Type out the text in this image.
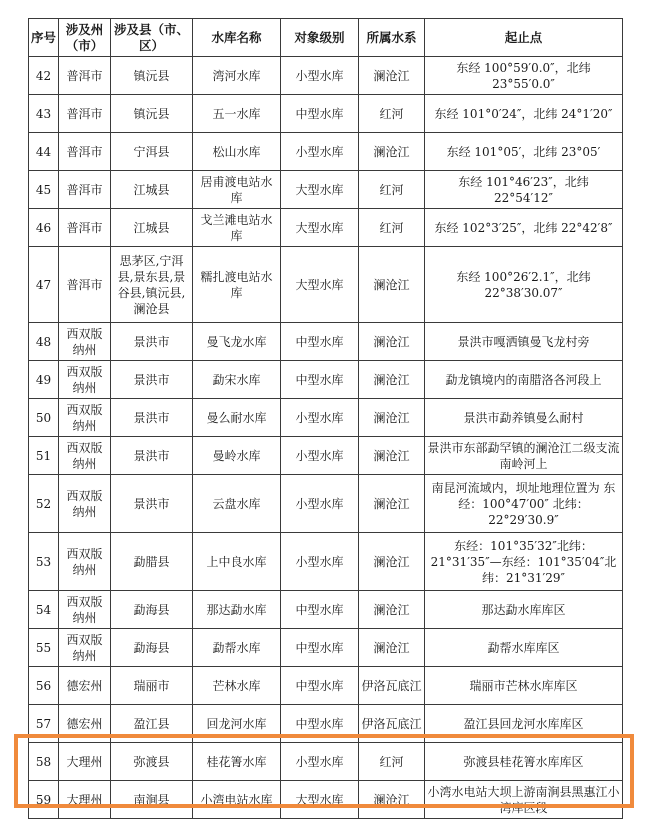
序号	涉及州（市）	涉及县（市、区）	水库名称	对象级别	所属水系	起止点
42	普洱市	镇沅县	湾河水库	小型水库	澜沧江	东经 100°59′0.0″，北纬 23°55′0.0″
43	普洱市	镇沅县	五一水库	中型水库	红河	东经 101°0′24″，北纬 24°1′20″
44	普洱市	宁洱县	松山水库	小型水库	澜沧江	东经 101°05′，北纬 23°05′
45	普洱市	江城县	居甫渡电站水库	大型水库	红河	东经 101°46′23″，北纬 22°54′12″
46	普洱市	江城县	戈兰滩电站水库	大型水库	红河	东经 102°3′25″，北纬 22°42′8″
47	普洱市	思茅区,宁洱县,景东县,景谷县,镇沅县,澜沧县	糯扎渡电站水库	大型水库	澜沧江	东经 100°26′2.1″，北纬 22°38′30.07″
48	西双版纳州	景洪市	曼飞龙水库	中型水库	澜沧江	景洪市嘎洒镇曼飞龙村旁
49	西双版纳州	景洪市	勐宋水库	中型水库	澜沧江	勐龙镇境内的南腊洛各河段上
50	西双版纳州	景洪市	曼么耐水库	小型水库	澜沧江	景洪市勐养镇曼么耐村
51	西双版纳州	景洪市	曼岭水库	小型水库	澜沧江	景洪市东部勐罕镇的澜沧江二级支流南岭河上
52	西双版纳州	景洪市	云盘水库	小型水库	澜沧江	南昆河流域内，坝址地理位置为 东经：100°47′00″ 北纬：22°29′30.9″
53	西双版纳州	勐腊县	上中良水库	小型水库	澜沧江	东经：101°35′32″北纬：21°31′35″—东经：101°35′04″北纬：21°31′29″
54	西双版纳州	勐海县	那达勐水库	中型水库	澜沧江	那达勐水库库区
55	西双版纳州	勐海县	勐帮水库	中型水库	澜沧江	勐帮水库库区
56	德宏州	瑞丽市	芒林水库	中型水库	伊洛瓦底江	瑞丽市芒林水库库区
57	德宏州	盈江县	回龙河水库	中型水库	伊洛瓦底江	盈江县回龙河水库库区
58	大理州	弥渡县	桂花箐水库	小型水库	红河	弥渡县桂花箐水库库区
59	大理州	南涧县	小湾电站水库	大型水库	澜沧江	小湾水电站大坝上游南涧县黑惠江小湾库区段
